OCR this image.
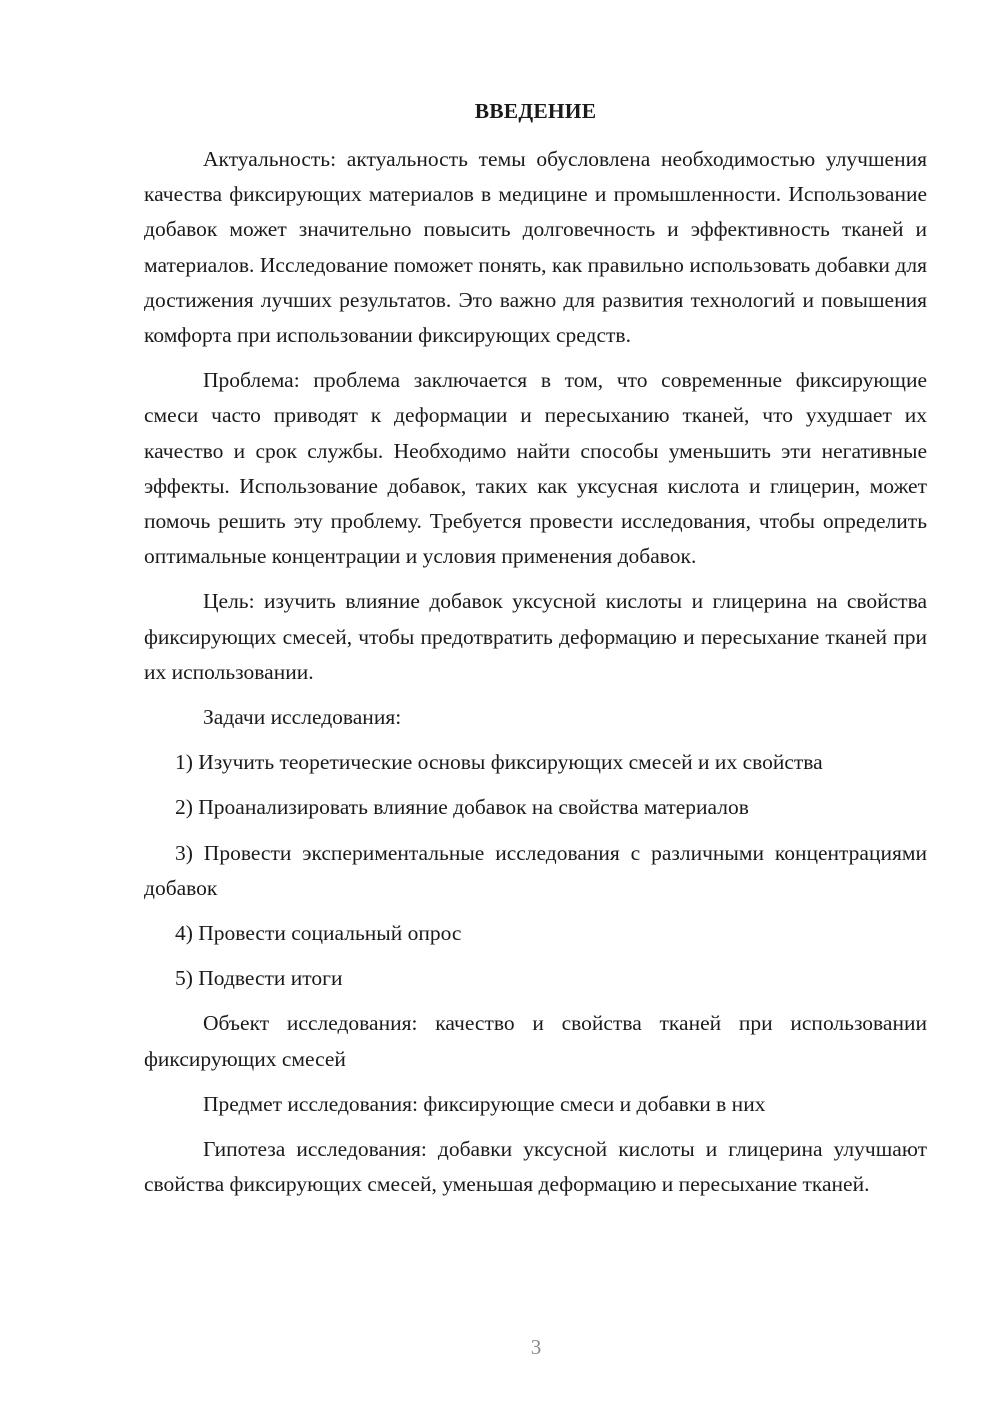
ВВЕДЕНИЕ

Актуальность: актуальность темы обусловлена необходимостью улучшения качества фиксирующих материалов в медицине и промышленности. Использование добавок может значительно повысить долговечность и эффективность тканей и материалов. Исследование поможет понять, как правильно использовать добавки для достижения лучших результатов. Это важно для развития технологий и повышения комфорта при использовании фиксирующих средств.

Проблема: проблема заключается в том, что современные фиксирующие смеси часто приводят к деформации и пересыханию тканей, что ухудшает их качество и срок службы. Необходимо найти способы уменьшить эти негативные эффекты. Использование добавок, таких как уксусная кислота и глицерин, может помочь решить эту проблему. Требуется провести исследования, чтобы определить оптимальные концентрации и условия применения добавок.

Цель: изучить влияние добавок уксусной кислоты и глицерина на свойства фиксирующих смесей, чтобы предотвратить деформацию и пересыхание тканей при их использовании.

Задачи исследования:

1) Изучить теоретические основы фиксирующих смесей и их свойства

2) Проанализировать влияние добавок на свойства материалов

3) Провести экспериментальные исследования с различными концентрациями добавок

4) Провести социальный опрос

5) Подвести итоги

Объект исследования: качество и свойства тканей при использовании фиксирующих смесей

Предмет исследования: фиксирующие смеси и добавки в них

Гипотеза исследования: добавки уксусной кислоты и глицерина улучшают свойства фиксирующих смесей, уменьшая деформацию и пересыхание тканей.

3
